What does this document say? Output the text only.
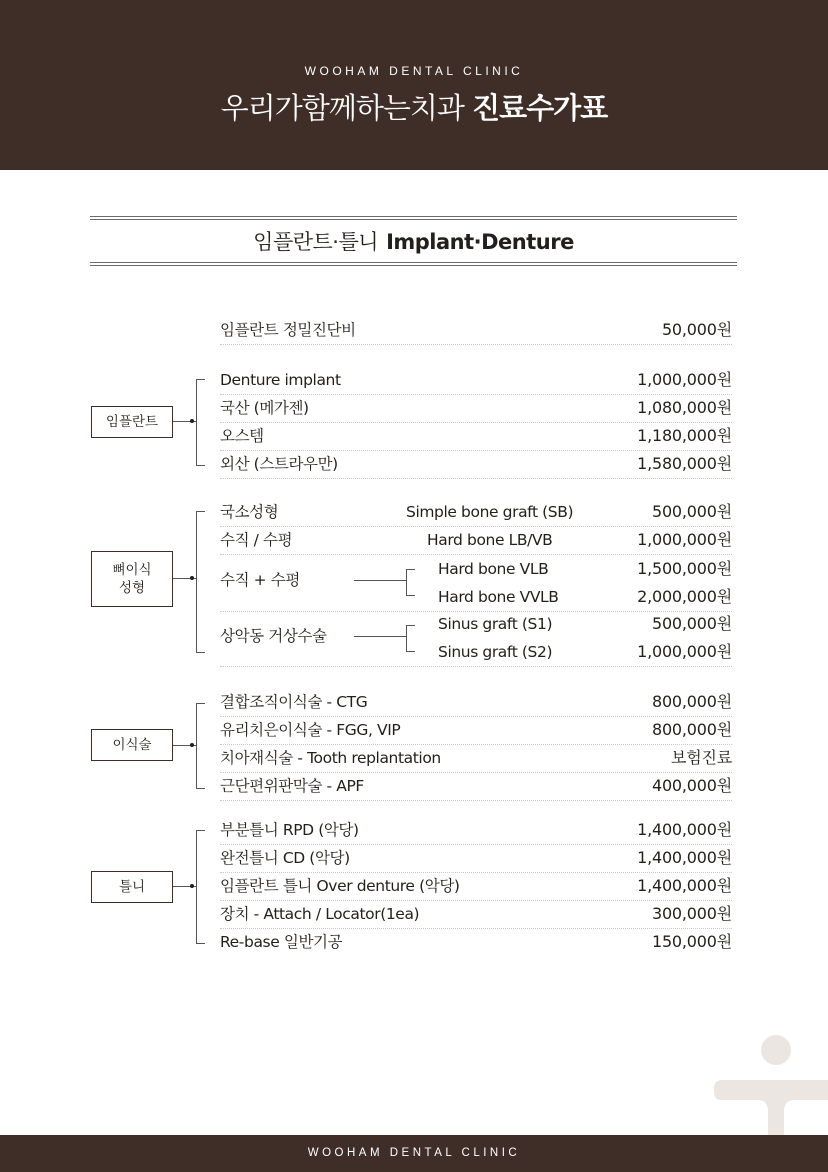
WOOHAM DENTAL CLINIC
우리가함께하는치과 진료수가표
임플란트·틀니 Implant·Denture
임플란트 정밀진단비	50,000원
임플란트
Denture implant	1,000,000원
국산 (메가젠)	1,080,000원
오스템	1,180,000원
외산 (스트라우만)	1,580,000원
뼈이식
성형
국소성형	Simple bone graft (SB)	500,000원
수직 / 수평	Hard bone LB/VB	1,000,000원
수직 + 수평
Hard bone VLB	1,500,000원
Hard bone VVLB	2,000,000원
상악동 거상수술
Sinus graft (S1)	500,000원
Sinus graft (S2)	1,000,000원
이식술
결합조직이식술 - CTG	800,000원
유리치은이식술 - FGG, VIP	800,000원
치아재식술 - Tooth replantation	보험진료
근단편위판막술 - APF	400,000원
틀니
부분틀니 RPD (악당)	1,400,000원
완전틀니 CD (악당)	1,400,000원
임플란트 틀니 Over denture (악당)	1,400,000원
장치 - Attach / Locator(1ea)	300,000원
Re-base 일반기공	150,000원
WOOHAM DENTAL CLINIC
